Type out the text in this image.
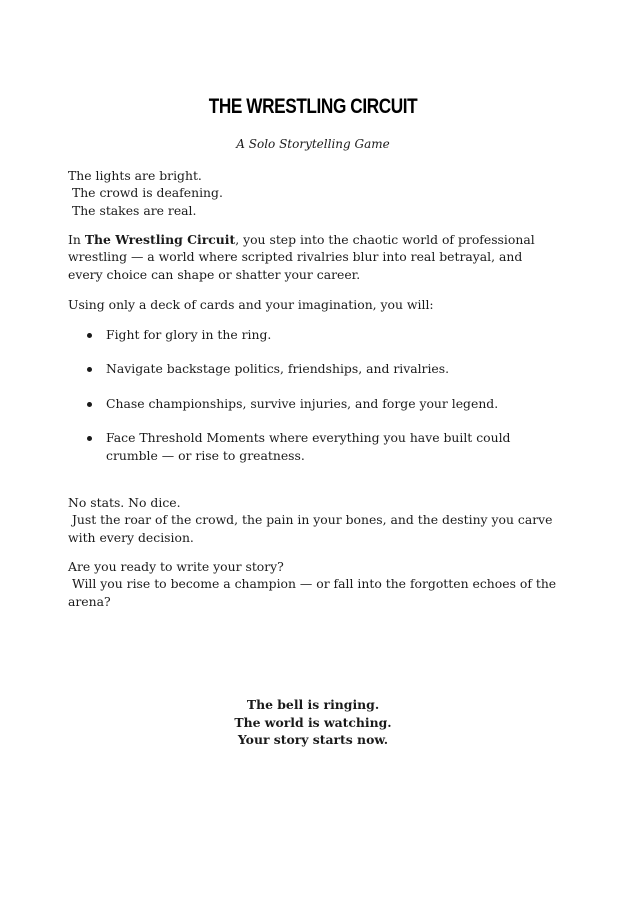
THE WRESTLING CIRCUIT
A Solo Storytelling Game
The lights are bright.
The crowd is deafening.
The stakes are real.
In The Wrestling Circuit, you step into the chaotic world of professional wrestling — a world where scripted rivalries blur into real betrayal, and every choice can shape or shatter your career.
Using only a deck of cards and your imagination, you will:
Fight for glory in the ring.
Navigate backstage politics, friendships, and rivalries.
Chase championships, survive injuries, and forge your legend.
Face Threshold Moments where everything you have built could crumble — or rise to greatness.
No stats. No dice.
Just the roar of the crowd, the pain in your bones, and the destiny you carve with every decision.
Are you ready to write your story?
Will you rise to become a champion — or fall into the forgotten echoes of the arena?
The bell is ringing.
The world is watching.
Your story starts now.
